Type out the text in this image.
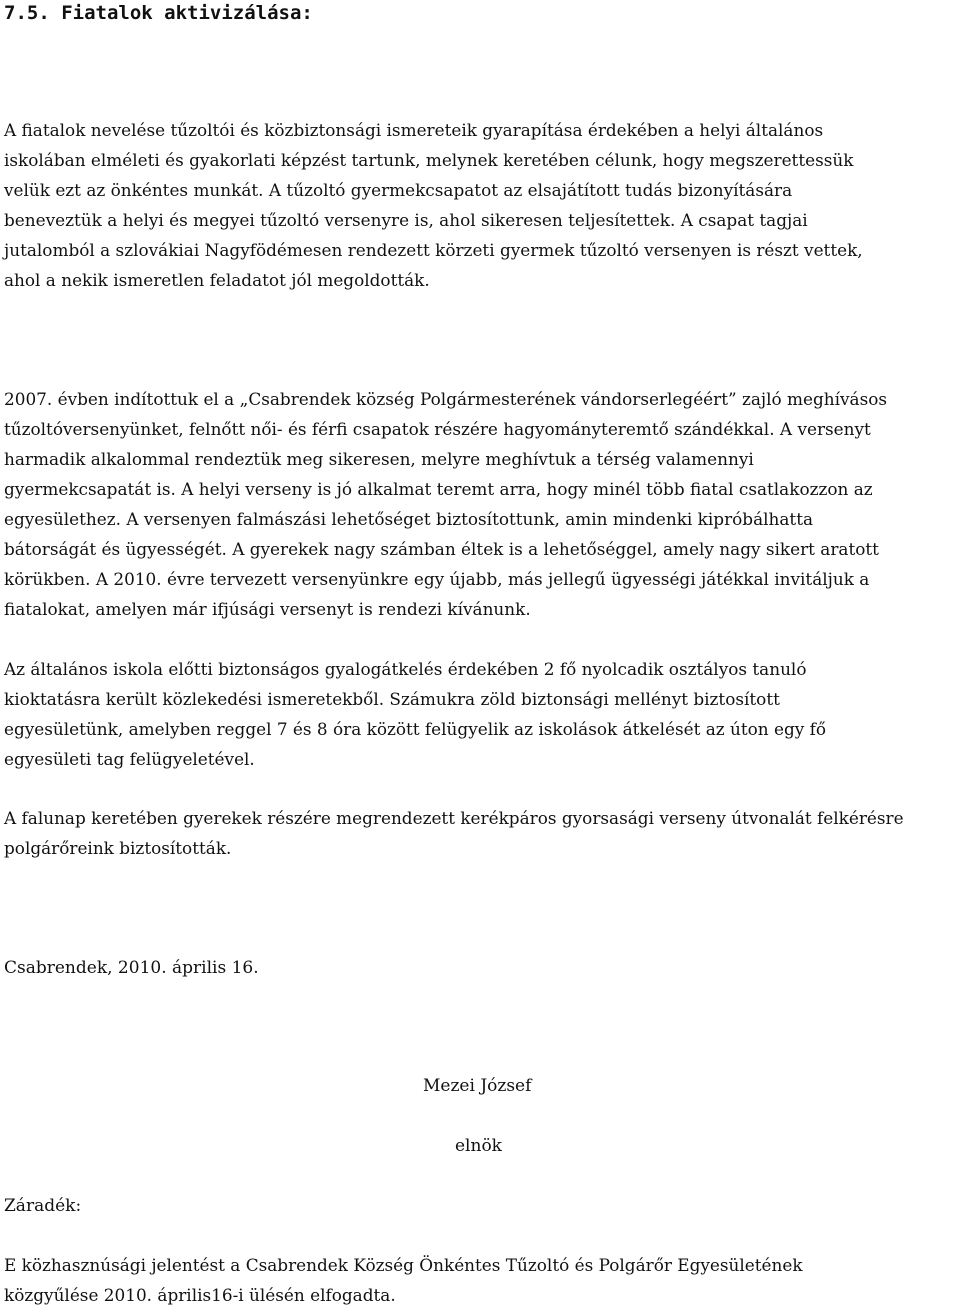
7.5. Fiatalok aktivizálása:

A fiatalok nevelése tűzoltói és közbiztonsági ismereteik gyarapítása érdekében a helyi általános
iskolában elméleti és gyakorlati képzést tartunk, melynek keretében célunk, hogy megszerettessük
velük ezt az önkéntes munkát. A tűzoltó gyermekcsapatot az elsajátított tudás bizonyítására
beneveztük a helyi és megyei tűzoltó versenyre is, ahol sikeresen teljesítettek. A csapat tagjai
jutalomból a szlovákiai Nagyfödémesen rendezett körzeti gyermek tűzoltó versenyen is részt vettek,
ahol a nekik ismeretlen feladatot jól megoldották.

2007. évben indítottuk el a „Csabrendek község Polgármesterének vándorserlegéért” zajló meghívásos
tűzoltóversenyünket, felnőtt női- és férfi csapatok részére hagyományteremtő szándékkal. A versenyt
harmadik alkalommal rendeztük meg sikeresen, melyre meghívtuk a térség valamennyi
gyermekcsapatát is. A helyi verseny is jó alkalmat teremt arra, hogy minél több fiatal csatlakozzon az
egyesülethez. A versenyen falmászási lehetőséget biztosítottunk, amin mindenki kipróbálhatta
bátorságát és ügyességét. A gyerekek nagy számban éltek is a lehetőséggel, amely nagy sikert aratott
körükben. A 2010. évre tervezett versenyünkre egy újabb, más jellegű ügyességi játékkal invitáljuk a
fiatalokat, amelyen már ifjúsági versenyt is rendezi kívánunk.

Az általános iskola előtti biztonságos gyalogátkelés érdekében 2 fő nyolcadik osztályos tanuló
kioktatásra került közlekedési ismeretekből. Számukra zöld biztonsági mellényt biztosított
egyesületünk, amelyben reggel 7 és 8 óra között felügyelik az iskolások átkelését az úton egy fő
egyesületi tag felügyeletével.

A falunap keretében gyerekek részére megrendezett kerékpáros gyorsasági verseny útvonalát felkérésre
polgárőreink biztosították.

Csabrendek, 2010. április 16.

Mezei József

elnök

Záradék:

E közhasznúsági jelentést a Csabrendek Község Önkéntes Tűzoltó és Polgárőr Egyesületének
közgyűlése 2010. április16-i ülésén elfogadta.
